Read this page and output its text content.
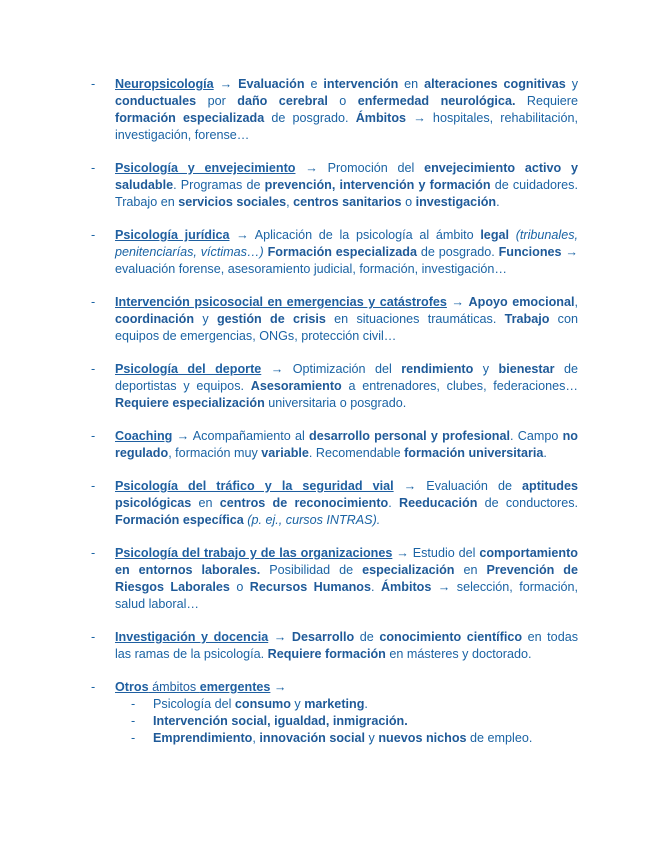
- Neuropsicología → Evaluación e intervención en alteraciones cognitivas y conductuales por daño cerebral o enfermedad neurológica. Requiere formación especializada de posgrado. Ámbitos → hospitales, rehabilitación, investigación, forense…
- Psicología y envejecimiento → Promoción del envejecimiento activo y saludable. Programas de prevención, intervención y formación de cuidadores. Trabajo en servicios sociales, centros sanitarios o investigación.
- Psicología jurídica → Aplicación de la psicología al ámbito legal (tribunales, penitenciarías, víctimas…) Formación especializada de posgrado. Funciones → evaluación forense, asesoramiento judicial, formación, investigación…
- Intervención psicosocial en emergencias y catástrofes → Apoyo emocional, coordinación y gestión de crisis en situaciones traumáticas. Trabajo con equipos de emergencias, ONGs, protección civil…
- Psicología del deporte → Optimización del rendimiento y bienestar de deportistas y equipos. Asesoramiento a entrenadores, clubes, federaciones… Requiere especialización universitaria o posgrado.
- Coaching → Acompañamiento al desarrollo personal y profesional. Campo no regulado, formación muy variable. Recomendable formación universitaria.
- Psicología del tráfico y la seguridad vial → Evaluación de aptitudes psicológicas en centros de reconocimiento. Reeducación de conductores. Formación específica (p. ej., cursos INTRAS).
- Psicología del trabajo y de las organizaciones → Estudio del comportamiento en entornos laborales. Posibilidad de especialización en Prevención de Riesgos Laborales o Recursos Humanos. Ámbitos → selección, formación, salud laboral…
- Investigación y docencia → Desarrollo de conocimiento científico en todas las ramas de la psicología. Requiere formación en másteres y doctorado.
- Otros ámbitos emergentes →
- Psicología del consumo y marketing.
- Intervención social, igualdad, inmigración.
- Emprendimiento, innovación social y nuevos nichos de empleo.
